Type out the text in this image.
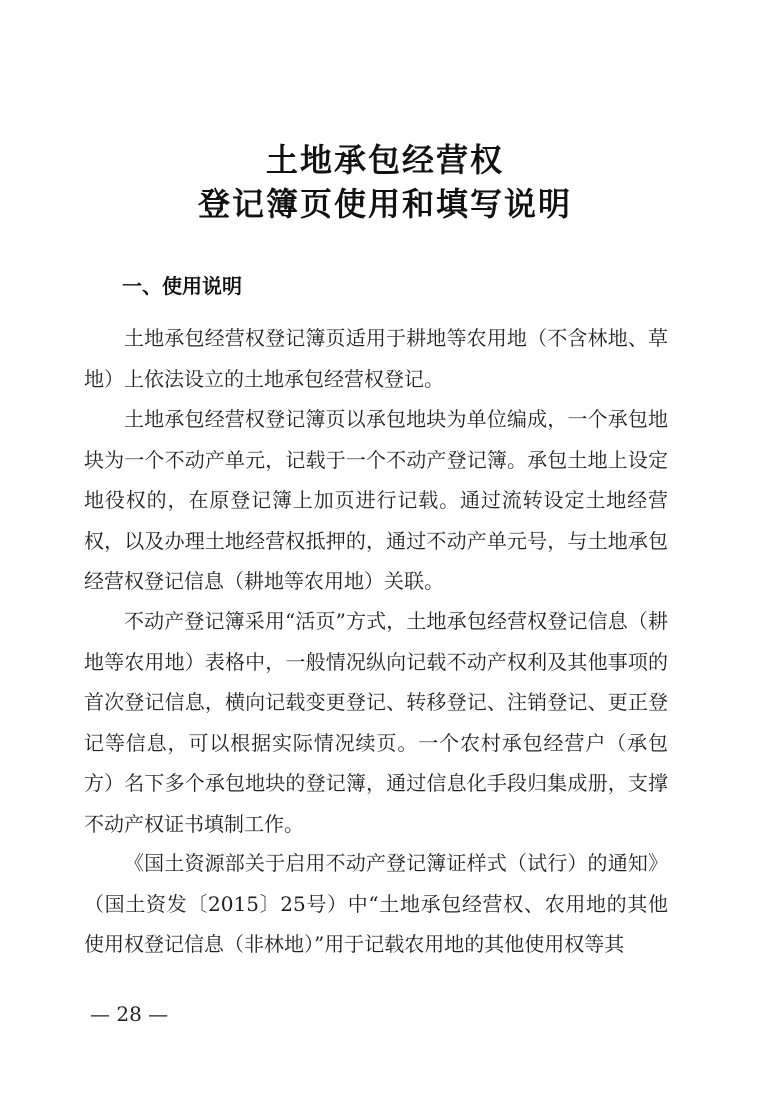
土地承包经营权
登记簿页使用和填写说明
一、使用说明

土地承包经营权登记簿页适用于耕地等农用地（不含林地、草地）上依法设立的土地承包经营权登记。

土地承包经营权登记簿页以承包地块为单位编成，一个承包地块为一个不动产单元，记载于一个不动产登记簿。承包土地上设定地役权的，在原登记簿上加页进行记载。通过流转设定土地经营权，以及办理土地经营权抵押的，通过不动产单元号，与土地承包经营权登记信息（耕地等农用地）关联。

不动产登记簿采用“活页”方式，土地承包经营权登记信息（耕地等农用地）表格中，一般情况纵向记载不动产权利及其他事项的首次登记信息，横向记载变更登记、转移登记、注销登记、更正登记等信息，可以根据实际情况续页。一个农村承包经营户（承包方）名下多个承包地块的登记簿，通过信息化手段归集成册，支撑不动产权证书填制工作。

《国土资源部关于启用不动产登记簿证样式（试行）的通知》（国土资发〔2015〕25号）中“土地承包经营权、农用地的其他使用权登记信息（非林地）”用于记载农用地的其他使用权等其

— 28 —
